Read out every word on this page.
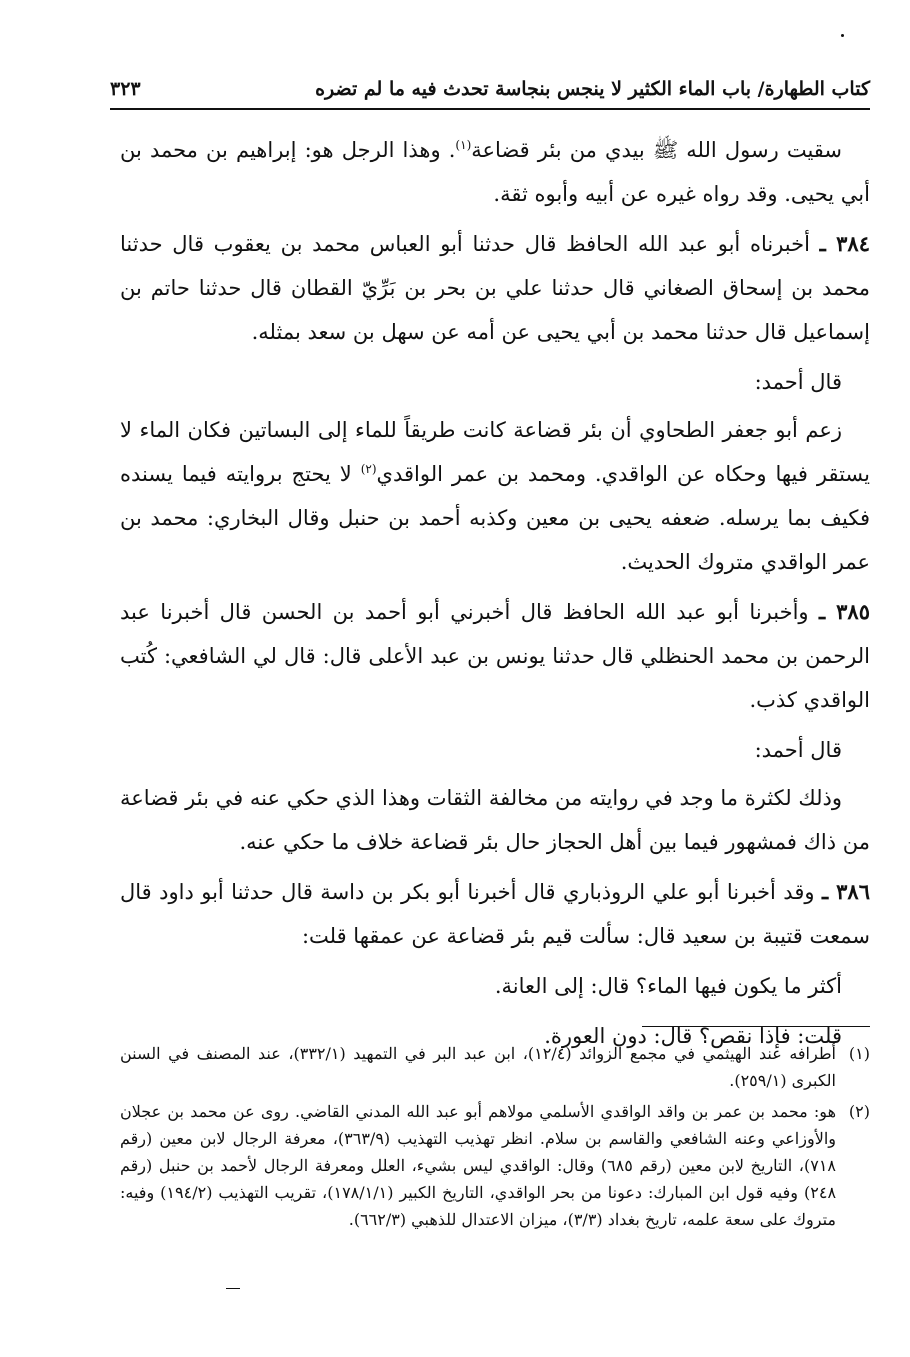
كتاب الطهارة/ باب الماء الكثير لا ينجس بنجاسة تحدث فيه ما لم تضره
٣٢٣

سقيت رسول الله ﷺ بيدي من بئر قضاعة$^{(١)}$. وهذا الرجل هو: إبراهيم بن محمد بن أبي يحيى. وقد رواه غيره عن أبيه وأبوه ثقة.

٣٨٤ ـ أخبرناه أبو عبد الله الحافظ قال حدثنا أبو العباس محمد بن يعقوب قال حدثنا محمد بن إسحاق الصغاني قال حدثنا علي بن بحر بن بَرِّيّ القطان قال حدثنا حاتم بن إسماعيل قال حدثنا محمد بن أبي يحيى عن أمه عن سهل بن سعد بمثله.

قال أحمد:

زعم أبو جعفر الطحاوي أن بئر قضاعة كانت طريقاً للماء إلى البساتين فكان الماء لا يستقر فيها وحكاه عن الواقدي. ومحمد بن عمر الواقدي$^{(٢)}$ لا يحتج بروايته فيما يسنده فكيف بما يرسله. ضعفه يحيى بن معين وكذبه أحمد بن حنبل وقال البخاري: محمد بن عمر الواقدي متروك الحديث.

٣٨٥ ـ وأخبرنا أبو عبد الله الحافظ قال أخبرني أبو أحمد بن الحسن قال أخبرنا عبد الرحمن بن محمد الحنظلي قال حدثنا يونس بن عبد الأعلى قال: قال لي الشافعي: كُتب الواقدي كذب.

قال أحمد:

وذلك لكثرة ما وجد في روايته من مخالفة الثقات وهذا الذي حكي عنه في بئر قضاعة من ذاك فمشهور فيما بين أهل الحجاز حال بئر قضاعة خلاف ما حكي عنه.

٣٨٦ ـ وقد أخبرنا أبو علي الروذباري قال أخبرنا أبو بكر بن داسة قال حدثنا أبو داود قال سمعت قتيبة بن سعيد قال: سألت قيم بئر قضاعة عن عمقها قلت:

أكثر ما يكون فيها الماء؟ قال: إلى العانة.

قلت: فإذا نقص؟ قال: دون العورة.

(١)
أطرافه عند الهيثمي في مجمع الزوائد (١٢/٤)، ابن عبد البر في التمهيد (٣٣٢/١)، عند المصنف في السنن الكبرى (٢٥٩/١).
(٢)
هو: محمد بن عمر بن واقد الواقدي الأسلمي مولاهم أبو عبد الله المدني القاضي. روى عن محمد بن عجلان والأوزاعي وعنه الشافعي والقاسم بن سلام. انظر تهذيب التهذيب (٣٦٣/٩)، معرفة الرجال لابن معين (رقم ٧١٨)، التاريخ لابن معين (رقم ٦٨٥) وقال: الواقدي ليس بشيء، العلل ومعرفة الرجال لأحمد بن حنبل (رقم ٢٤٨) وفيه قول ابن المبارك: دعونا من بحر الواقدي، التاريخ الكبير (١٧٨/١/١)، تقريب التهذيب (١٩٤/٢) وفيه: متروك على سعة علمه، تاريخ بغداد (٣/٣)، ميزان الاعتدال للذهبي (٦٦٢/٣).
